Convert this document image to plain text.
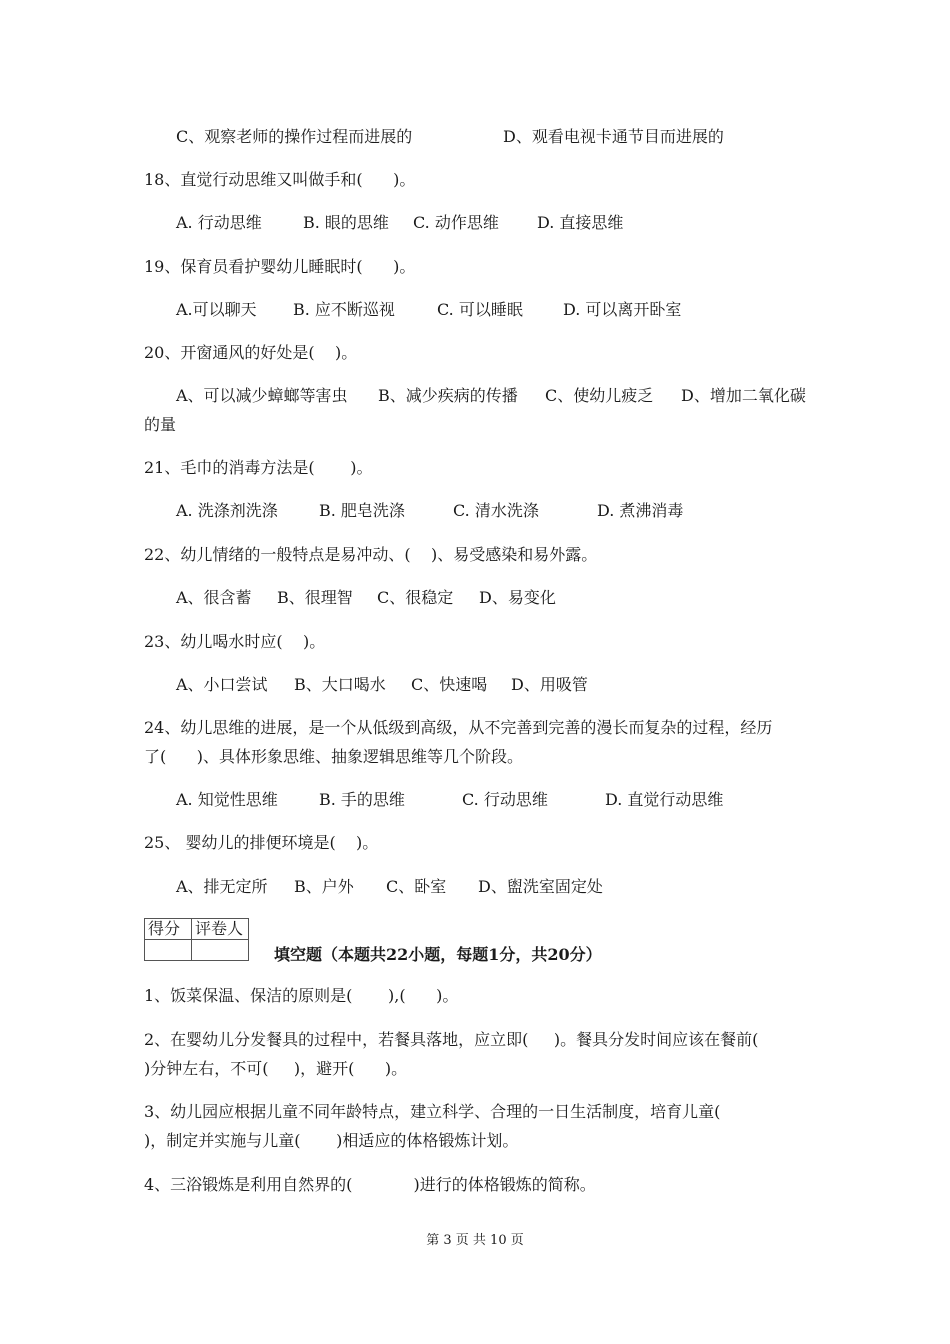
C、观察老师的操作过程而进展的	D、观看电视卡通节目而进展的
18、直觉行动思维又叫做手和(      )。
A. 行动思维	B. 眼的思维 C. 动作思维 D. 直接思维
19、保育员看护婴幼儿睡眠时(      )。
A.可以聊天 B. 应不断巡视	C. 可以睡眠	D. 可以离开卧室
20、开窗通风的好处是(    )。
A、可以减少蟑螂等害虫 B、减少疾病的传播 C、使幼儿疲乏 D、增加二氧化碳
的量
21、毛巾的消毒方法是(       )。
A. 洗涤剂洗涤	B. 肥皂洗涤	C. 清水洗涤	D. 煮沸消毒
22、幼儿情绪的一般特点是易冲动、(    )、易受感染和易外露。
A、很含蓄 B、很理智 C、很稳定 D、易变化
23、幼儿喝水时应(    )。
A、小口尝试 B、大口喝水 C、快速喝 D、用吸管
24、幼儿思维的进展，是一个从低级到高级，从不完善到完善的漫长而复杂的过程，经历
了(      )、具体形象思维、抽象逻辑思维等几个阶段。
A. 知觉性思维	B. 手的思维	C. 行动思维	D. 直觉行动思维
25、 婴幼儿的排便环境是(    )。
A、排无定所 B、户外 C、卧室 D、盥洗室固定处
得分	评卷人

填空题（本题共22小题，每题1分，共20分）
1、饭菜保温、保洁的原则是(       ),(      )。
2、在婴幼儿分发餐具的过程中，若餐具落地，应立即(     )。餐具分发时间应该在餐前(
)分钟左右，不可(     )，避开(      )。
3、幼儿园应根据儿童不同年龄特点，建立科学、合理的一日生活制度，培育儿童(
)，制定并实施与儿童(       )相适应的体格锻炼计划。
4、三浴锻炼是利用自然界的(            )进行的体格锻炼的简称。
第 3 页 共 10 页
